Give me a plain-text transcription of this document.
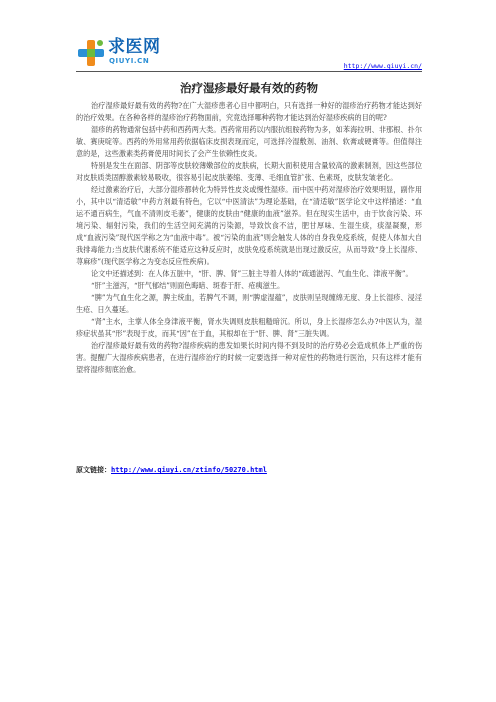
求医网
QIUYI.CN
http://www.qiuyi.cn/
治疗湿疹最好最有效的药物

治疗湿疹最好最有效的药物?在广大湿疹患者心目中都明白，只有选择一种好的湿疹治疗药物才能达到好的治疗效果。在各种各样的湿疹治疗药物面前，究竟选择哪种药物才能达到治好湿疹疾病的目的呢?

湿疹的药物通常包括中药和西药两大类。西药常用药以内服抗组胺药物为多，如苯海拉明、非那根、扑尔敏、赛庚啶等。西药的外用常用药依据临床皮损表现而定，可选择冷湿敷剂、油剂、软膏或硬膏等。但值得注意的是，这些激素类药膏使用时间长了会产生依赖性皮炎。

特别是发生在面部、阴部等皮肤较薄嫩部位的皮肤病，长期大面积使用含量较高的激素制剂，因这些部位对皮肤质类固醇激素较易吸收，很容易引起皮肤萎缩、变薄、毛细血管扩张、色素斑，皮肤发皱老化。

经过激素治疗后，大部分湿疹都转化为特异性皮炎或慢性湿疹。而中医中药对湿疹治疗效果明显，副作用小，其中以“清适敏”中药方剂最有特色，它以“中医清法”为理论基础，在“清适敏”医学论文中这样描述：“血运不通百病生，气血不清则皮毛萎”，健康的皮肤由“健康的血液”滋养。但在现实生活中，由于饮食污染、环境污染、辐射污染，我们的生活空间充满的污染源，导致饮食不洁，肥甘厚味、生湿生痰，痰湿凝聚，形成“血液污染”现代医学称之为“血液中毒”。被“污染的血液”则会触发人体的自身我免疫系统，促使人体加大自我排毒能力;当皮肤代谢系统不能适应这种反应时，皮肤免疫系统就是出现过激反应，从而导致“身上长湿疹、荨麻疹”(现代医学称之为变态反应性疾病)。

论文中还描述到：在人体五脏中，“肝、脾、肾”三脏主导着人体的“疏通滋泻、气血生化、津液平衡”。

“肝”主滋泻，“肝气郁结”则面色晦暗、斑春于肝、疮痍滋生。

“脾”为气血生化之源，脾主统血，若脾气不调，则“脾虚湿蕴”，皮肤则呈现缠绵无度、身上长湿疹、浸淫生疮、日久蔓延。

“肾”主水，主掌人体全身津液平衡，肾水失调则皮肤粗糙暗沉。所以，身上长湿疹怎么办?中医认为，湿疹症状虽其“形”表现于皮，而其“因”在于血，其根却在于“肝、脾、肾”三脏失调。

治疗湿疹最好最有效的药物?湿疹疾病的患发如果长时间内得不到及时的治疗势必会造成机体上严重的伤害。提醒广大湿疹疾病患者，在进行湿疹治疗的时候一定要选择一种对症性的药物进行医治，只有这样才能有望将湿疹彻底治愈。

原文链接：http://www.qiuyi.cn/ztinfo/50270.html
